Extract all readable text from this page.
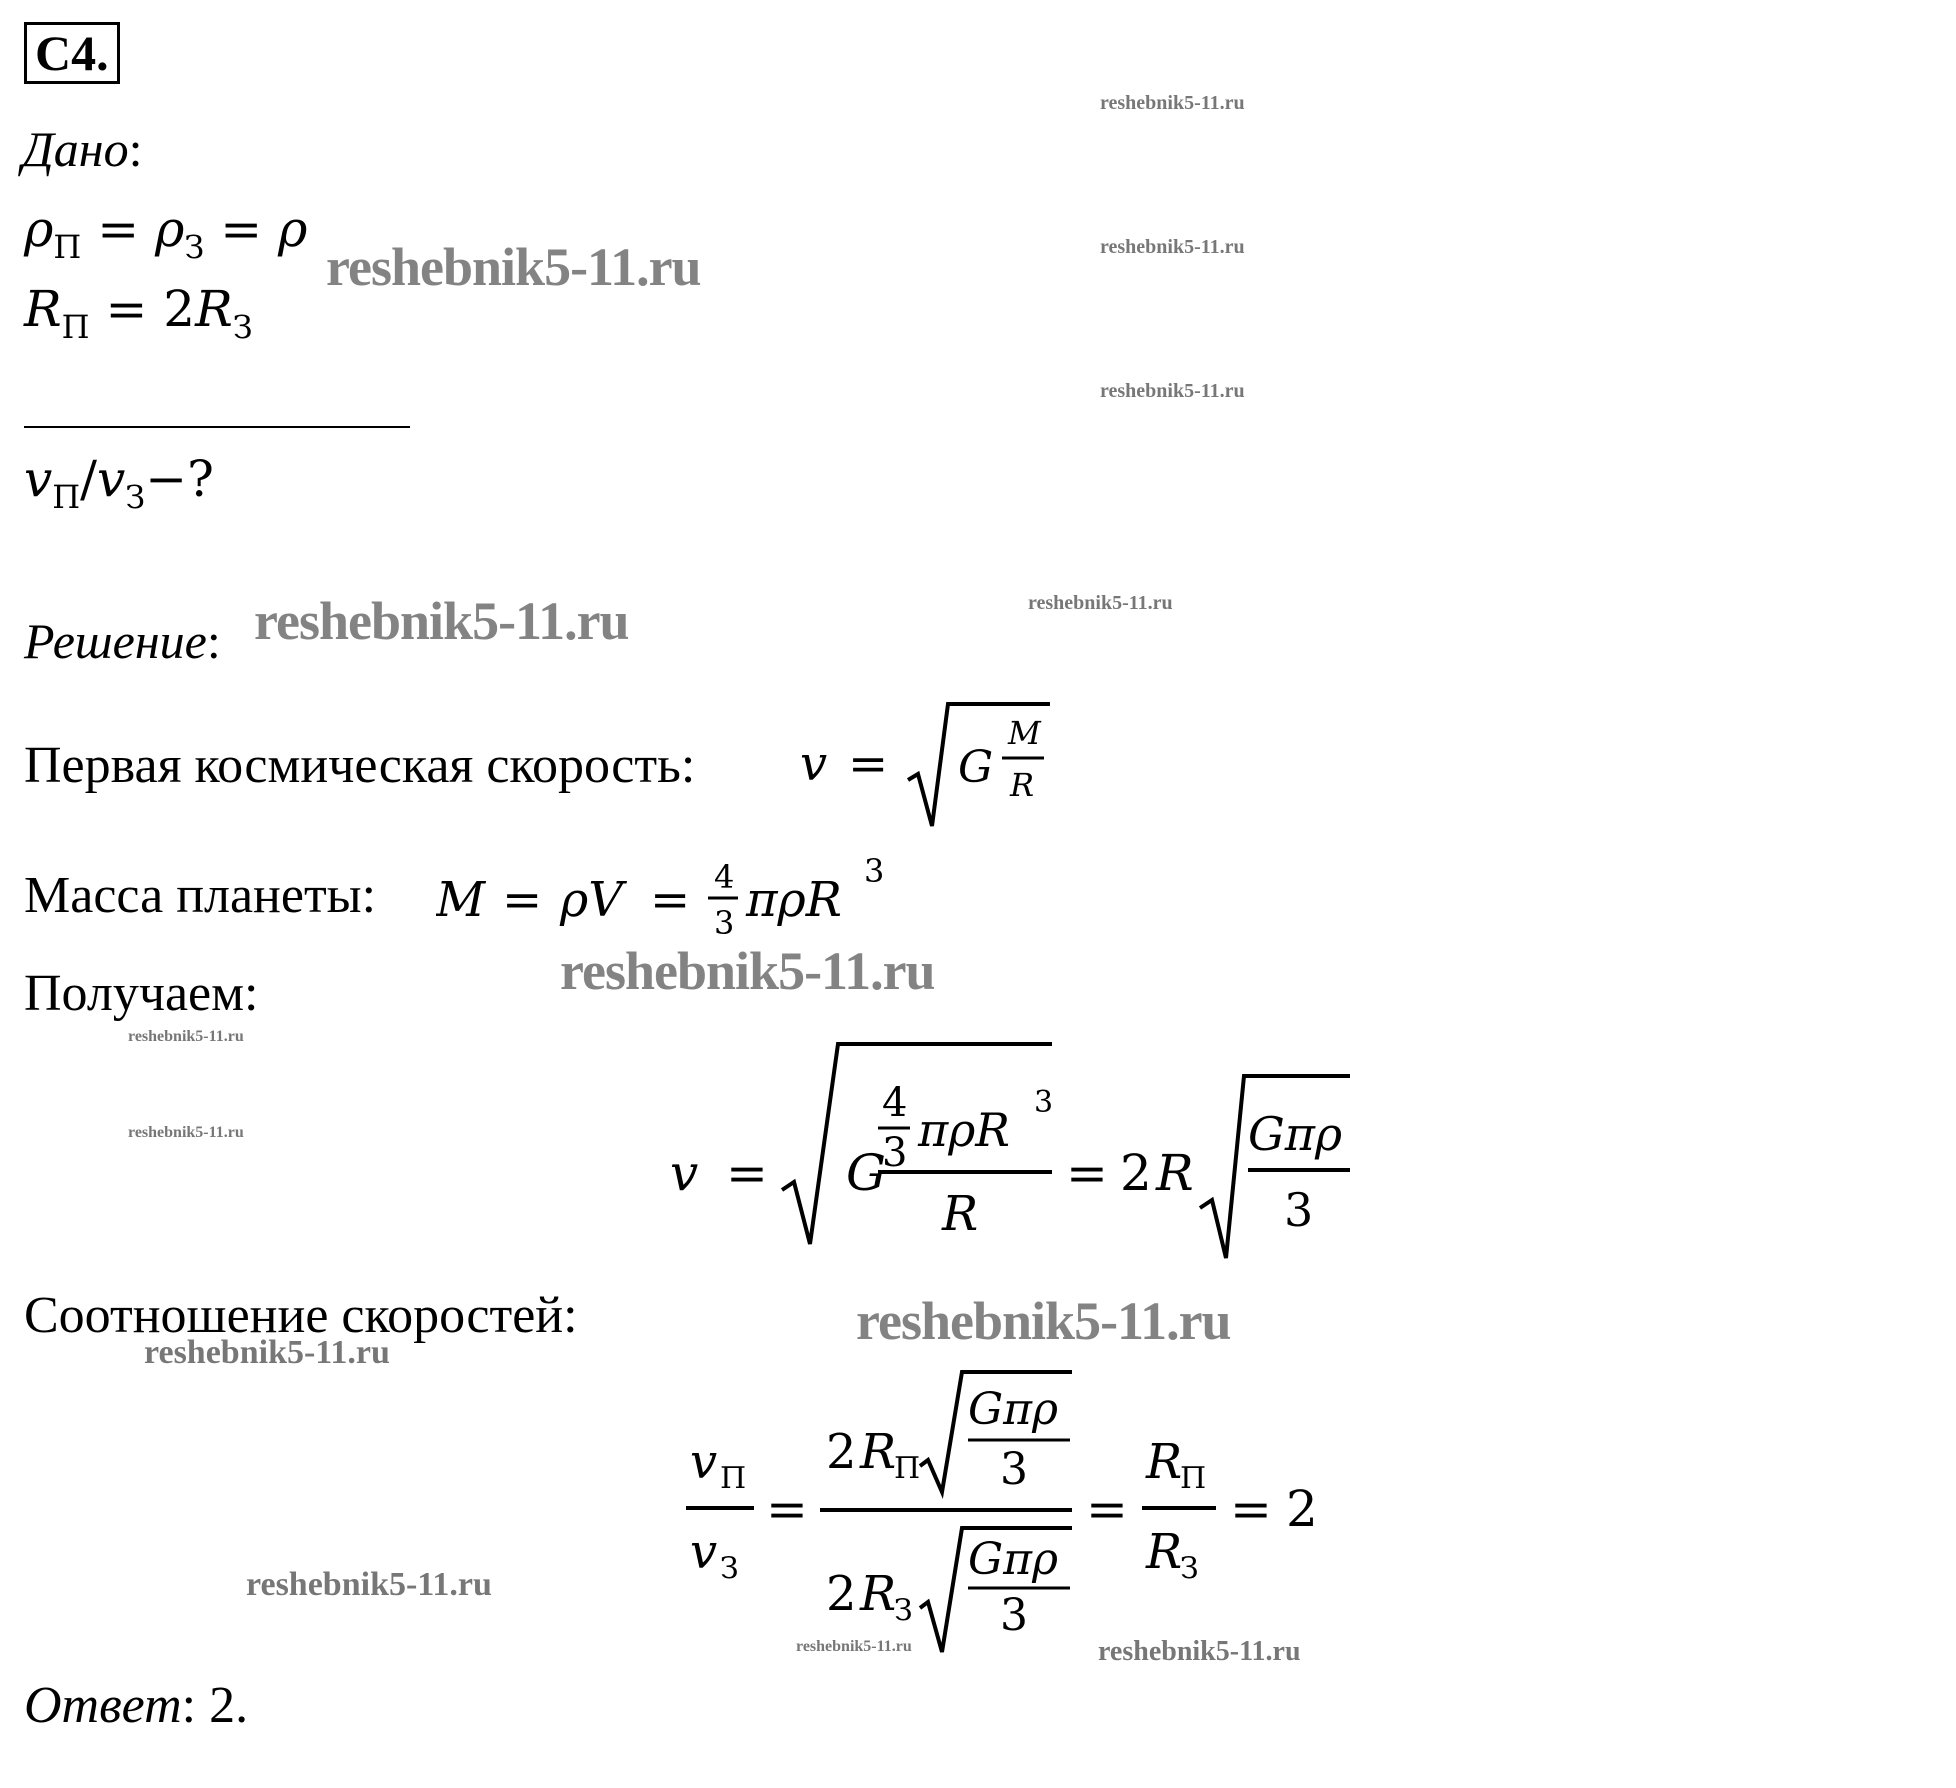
C4.
Дано:
$\rho_П = \rho_З = \rho$
$R_П = 2R_З$
$v_П/v_З-$?
Решение:
Первая космическая скорость: v = G
M
R
Масса планеты: M = ρV = 4
3 πρR
3
Получаем:
v = G
4
3 πρR
3
R
= 2 R
Gπρ
3
Соотношение скоростей:
v П
v З
=
2 R
П
Gπρ
3
2 R
З
Gπρ
3
=
R
П
R
З
= 2
Ответ: 2.
reshebnik5-11.ru
reshebnik5-11.ru
reshebnik5-11.ru
reshebnik5-11.ru
reshebnik5-11.ru	reshebnik5-11.ru
reshebnik5-11.ru
reshebnik5-11.ru
reshebnik5-11.ru
reshebnik5-11.ru
reshebnik5-11.ru
reshebnik5-11.ru
reshebnik5-11.ru	reshebnik5-11.ru
